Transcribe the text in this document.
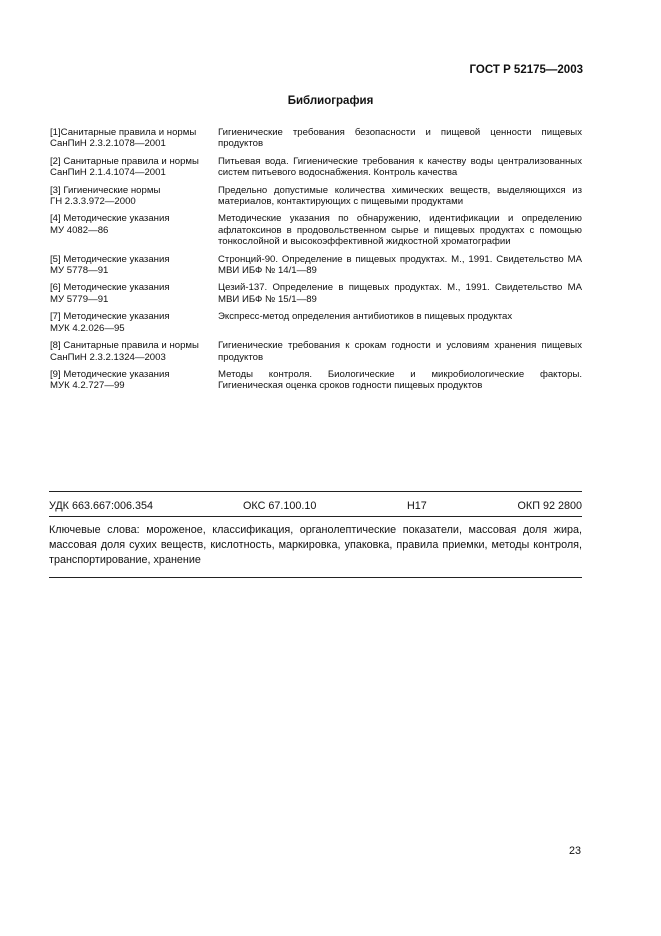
ГОСТ Р 52175—2003
Библиография
[1]Санитарные правила и нормы
СанПиН 2.3.2.1078—2001	Гигиенические требования безопасности и пищевой ценности пищевых продуктов

[2] Санитарные правила и нормы
СанПиН 2.1.4.1074—2001	Питьевая вода. Гигиенические требования к качеству воды централизованных систем питьевого водоснабжения. Контроль качества

[3] Гигиенические нормы
ГН 2.3.3.972—2000	Предельно допустимые количества химических веществ, выделяющихся из материалов, контактирующих с пищевыми продуктами

[4] Методические указания
МУ 4082—86	Методические указания по обнаружению, идентификации и определению афлатоксинов в продовольственном сырье и пищевых продуктах с помощью тонкослойной и высокоэффективной жидкостной хроматографии

[5] Методические указания
МУ 5778—91	Стронций-90. Определение в пищевых продуктах. М., 1991. Свидетельство МА МВИ ИБФ № 14/1—89

[6] Методические указания
МУ 5779—91	Цезий-137. Определение в пищевых продуктах. М., 1991. Свидетельство МА МВИ ИБФ № 15/1—89

[7] Методические указания
МУК 4.2.026—95	Экспресс-метод определения антибиотиков в пищевых продуктах

[8] Санитарные правила и нормы
СанПиН 2.3.2.1324—2003	Гигиенические требования к срокам годности и условиям хранения пищевых продуктов

[9] Методические указания
МУК 4.2.727—99	Методы контроля. Биологические и микробиологические факторы. Гигиеническая оценка сроков годности пищевых продуктов
УДК 663.667:006.354	ОКС 67.100.10	Н17	ОКП 92 2800
Ключевые слова: мороженое, классификация, органолептические показатели, массовая доля жира, массовая доля сухих веществ, кислотность, маркировка, упаковка, правила приемки, методы контроля, транспортирование, хранение
23
